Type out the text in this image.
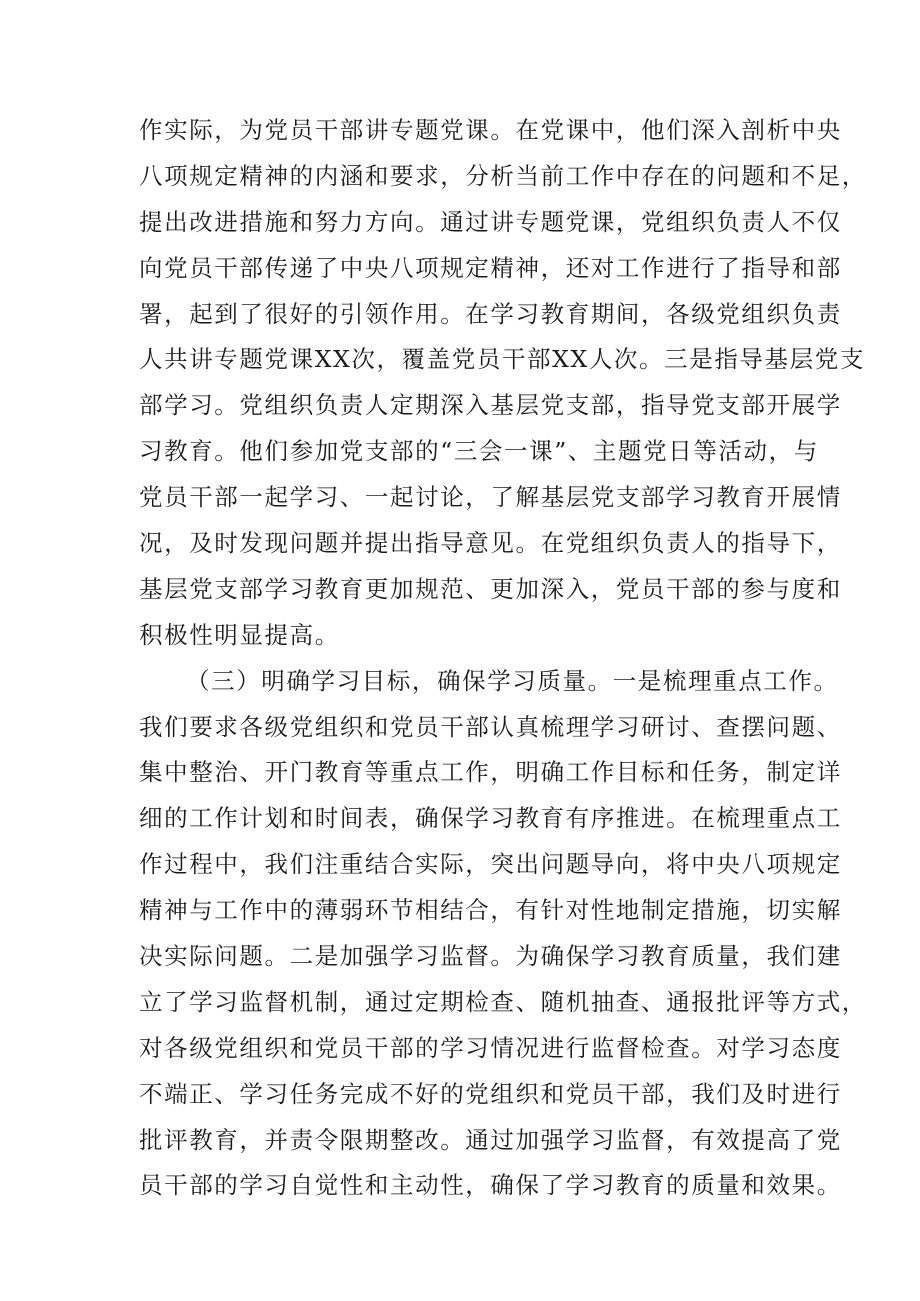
作实际，为党员干部讲专题党课。在党课中，他们深入剖析中央
八项规定精神的内涵和要求，分析当前工作中存在的问题和不足，
提出改进措施和努力方向。通过讲专题党课，党组织负责人不仅
向党员干部传递了中央八项规定精神，还对工作进行了指导和部
署，起到了很好的引领作用。在学习教育期间，各级党组织负责
人共讲专题党课XX次，覆盖党员干部XX人次。三是指导基层党支
部学习。党组织负责人定期深入基层党支部，指导党支部开展学
习教育。他们参加党支部的“三会一课”、主题党日等活动，与
党员干部一起学习、一起讨论，了解基层党支部学习教育开展情
况，及时发现问题并提出指导意见。在党组织负责人的指导下，
基层党支部学习教育更加规范、更加深入，党员干部的参与度和
积极性明显提高。
（三）明确学习目标，确保学习质量。一是梳理重点工作。
我们要求各级党组织和党员干部认真梳理学习研讨、查摆问题、
集中整治、开门教育等重点工作，明确工作目标和任务，制定详
细的工作计划和时间表，确保学习教育有序推进。在梳理重点工
作过程中，我们注重结合实际，突出问题导向，将中央八项规定
精神与工作中的薄弱环节相结合，有针对性地制定措施，切实解
决实际问题。二是加强学习监督。为确保学习教育质量，我们建
立了学习监督机制，通过定期检查、随机抽查、通报批评等方式，
对各级党组织和党员干部的学习情况进行监督检查。对学习态度
不端正、学习任务完成不好的党组织和党员干部，我们及时进行
批评教育，并责令限期整改。通过加强学习监督，有效提高了党
员干部的学习自觉性和主动性，确保了学习教育的质量和效果。
